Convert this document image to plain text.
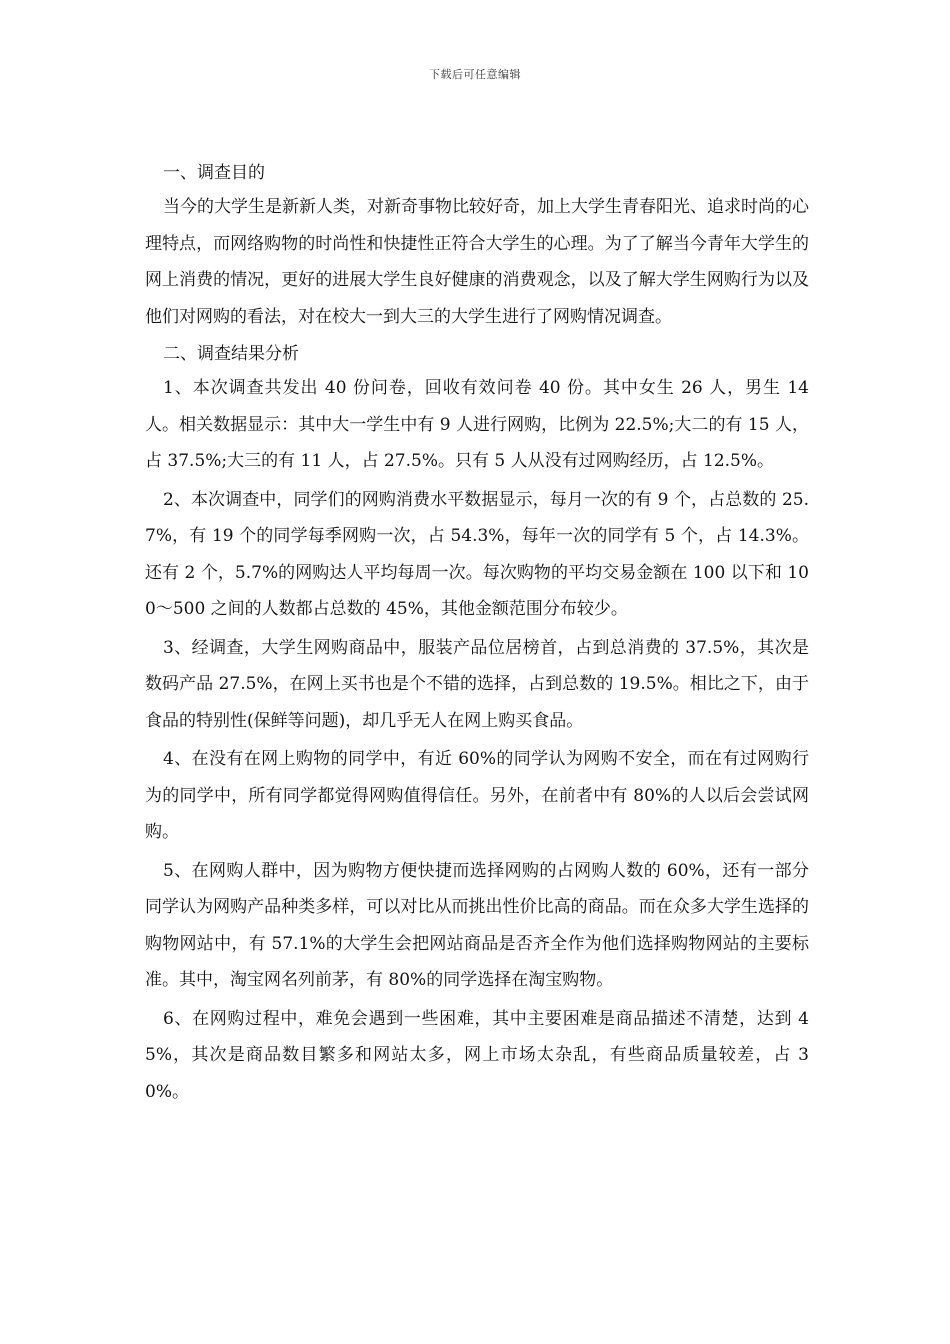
下载后可任意编辑
一、调查目的

当今的大学生是新新人类，对新奇事物比较好奇，加上大学生青春阳光、追求时尚的心理特点，而网络购物的时尚性和快捷性正符合大学生的心理。为了了解当今青年大学生的网上消费的情况，更好的进展大学生良好健康的消费观念，以及了解大学生网购行为以及他们对网购的看法，对在校大一到大三的大学生进行了网购情况调查。

二、调查结果分析

1、本次调查共发出 40 份问卷，回收有效问卷 40 份。其中女生 26 人，男生 14 人。相关数据显示：其中大一学生中有 9 人进行网购，比例为 22.5%;大二的有 15 人，占 37.5%;大三的有 11 人，占 27.5%。只有 5 人从没有过网购经历，占 12.5%。

2、本次调查中，同学们的网购消费水平数据显示，每月一次的有 9 个，占总数的 25.7%，有 19 个的同学每季网购一次，占 54.3%，每年一次的同学有 5 个，占 14.3%。还有 2 个，5.7%的网购达人平均每周一次。每次购物的平均交易金额在 100 以下和 100～500 之间的人数都占总数的 45%，其他金额范围分布较少。

3、经调查，大学生网购商品中，服装产品位居榜首，占到总消费的 37.5%，其次是数码产品 27.5%，在网上买书也是个不错的选择，占到总数的 19.5%。相比之下，由于食品的特别性(保鲜等问题)，却几乎无人在网上购买食品。

4、在没有在网上购物的同学中，有近 60%的同学认为网购不安全，而在有过网购行为的同学中，所有同学都觉得网购值得信任。另外，在前者中有 80%的人以后会尝试网购。

5、在网购人群中，因为购物方便快捷而选择网购的占网购人数的 60%，还有一部分同学认为网购产品种类多样，可以对比从而挑出性价比高的商品。而在众多大学生选择的购物网站中，有 57.1%的大学生会把网站商品是否齐全作为他们选择购物网站的主要标准。其中，淘宝网名列前茅，有 80%的同学选择在淘宝购物。

6、在网购过程中，难免会遇到一些困难，其中主要困难是商品描述不清楚，达到 45%，其次是商品数目繁多和网站太多，网上市场太杂乱，有些商品质量较差，占 30%。
